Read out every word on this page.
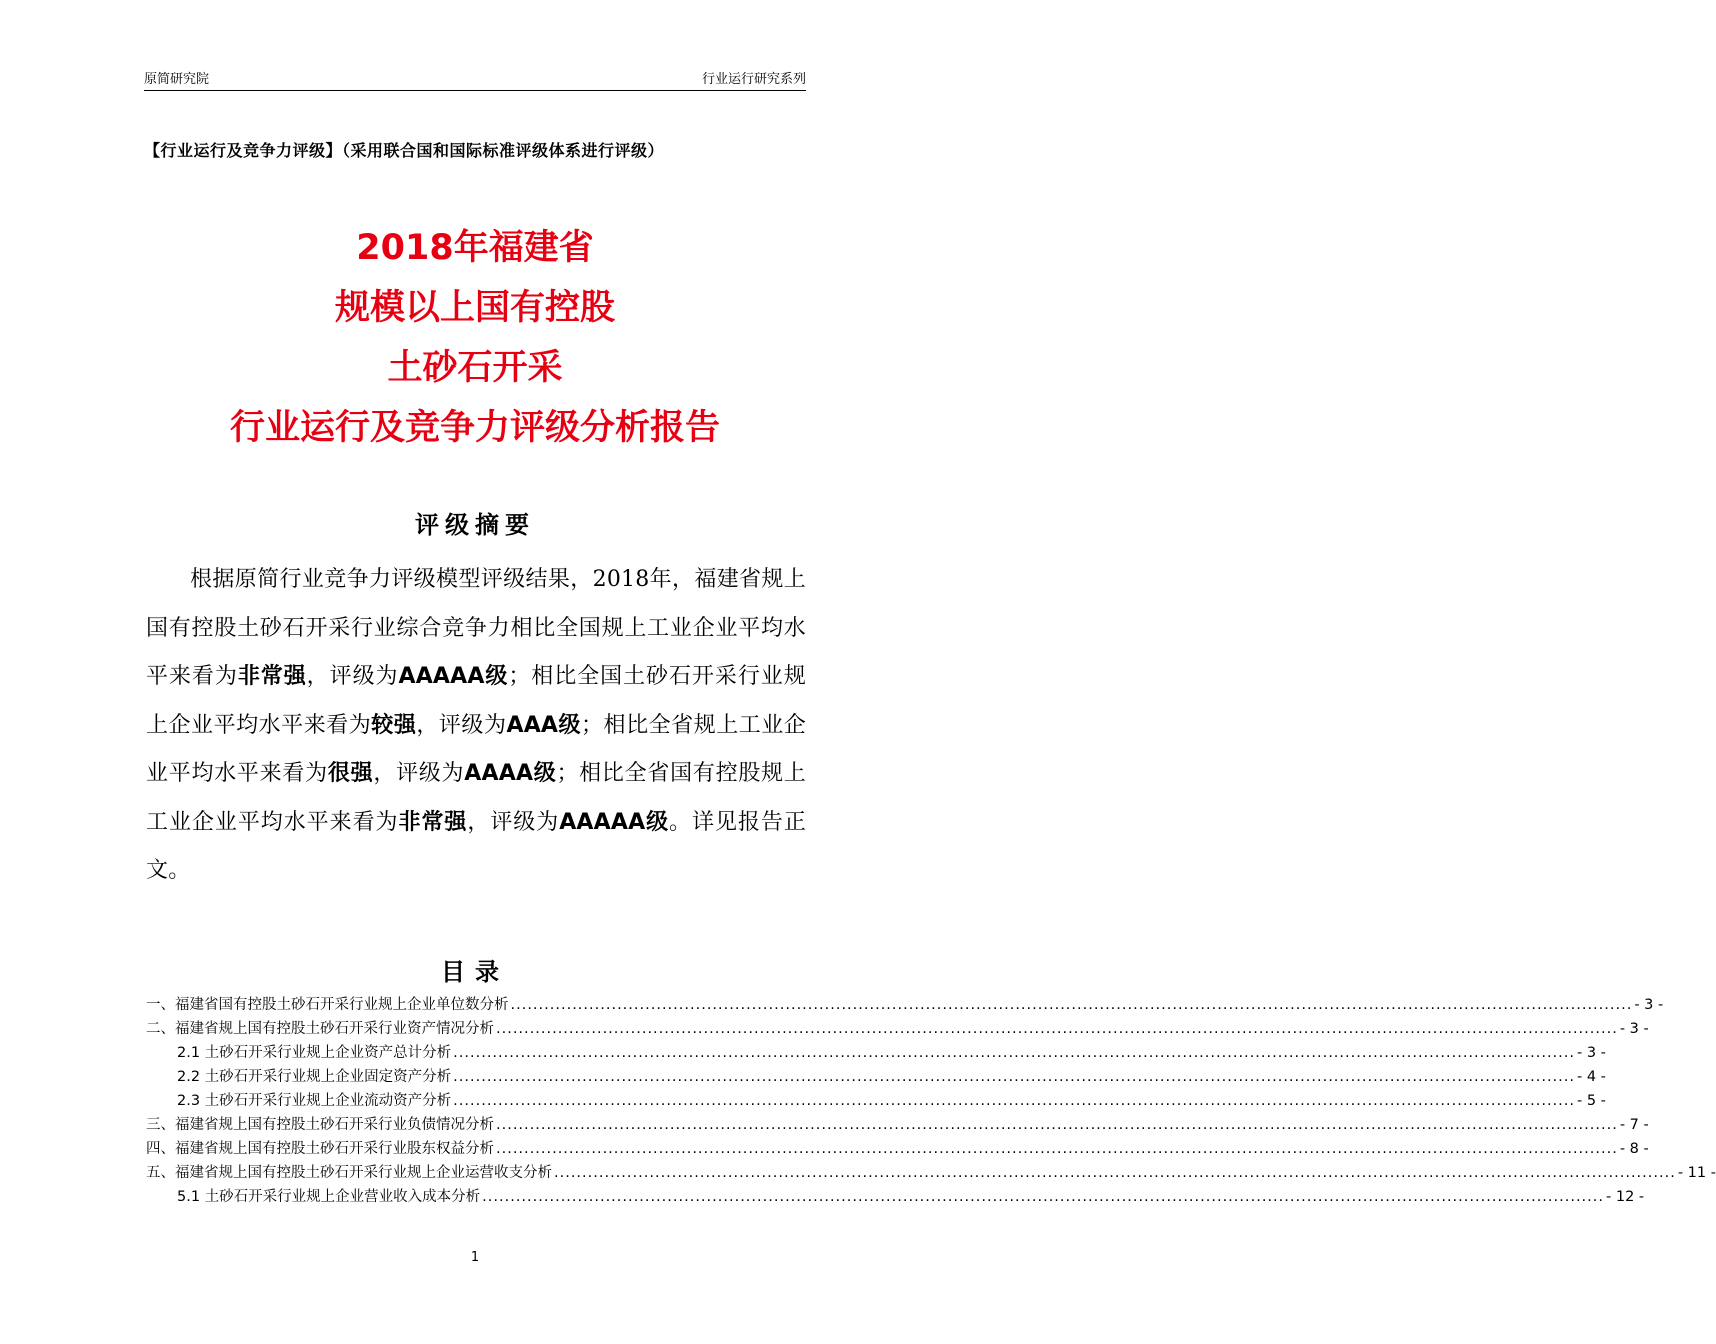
原简研究院	行业运行研究系列
【行业运行及竞争力评级】（采用联合国和国际标准评级体系进行评级）
2018年福建省
规模以上国有控股
土砂石开采
行业运行及竞争力评级分析报告
评级摘要
根据原简行业竞争力评级模型评级结果，2018年，福建省规上国有控股土砂石开采行业综合竞争力相比全国规上工业企业平均水平来看为非常强，评级为AAAAA级；相比全国土砂石开采行业规上企业平均水平来看为较强，评级为AAA级；相比全省规上工业企业平均水平来看为很强，评级为AAAA级；相比全省国有控股规上工业企业平均水平来看为非常强，评级为AAAAA级。详见报告正文。
目录
一、福建省国有控股土砂石开采行业规上企业单位数分析 ........................................................................................................................................................................................................ - 3 -
二、福建省规上国有控股土砂石开采行业资产情况分析 ........................................................................................................................................................................................................ - 3 -
2.1 土砂石开采行业规上企业资产总计分析 ........................................................................................................................................................................................................ - 3 -
2.2 土砂石开采行业规上企业固定资产分析 ........................................................................................................................................................................................................ - 4 -
2.3 土砂石开采行业规上企业流动资产分析 ........................................................................................................................................................................................................ - 5 -
三、福建省规上国有控股土砂石开采行业负债情况分析 ........................................................................................................................................................................................................ - 7 -
四、福建省规上国有控股土砂石开采行业股东权益分析 ........................................................................................................................................................................................................ - 8 -
五、福建省规上国有控股土砂石开采行业规上企业运营收支分析 ........................................................................................................................................................................................................ - 11 -
5.1 土砂石开采行业规上企业营业收入成本分析 ........................................................................................................................................................................................................ - 12 -
1
